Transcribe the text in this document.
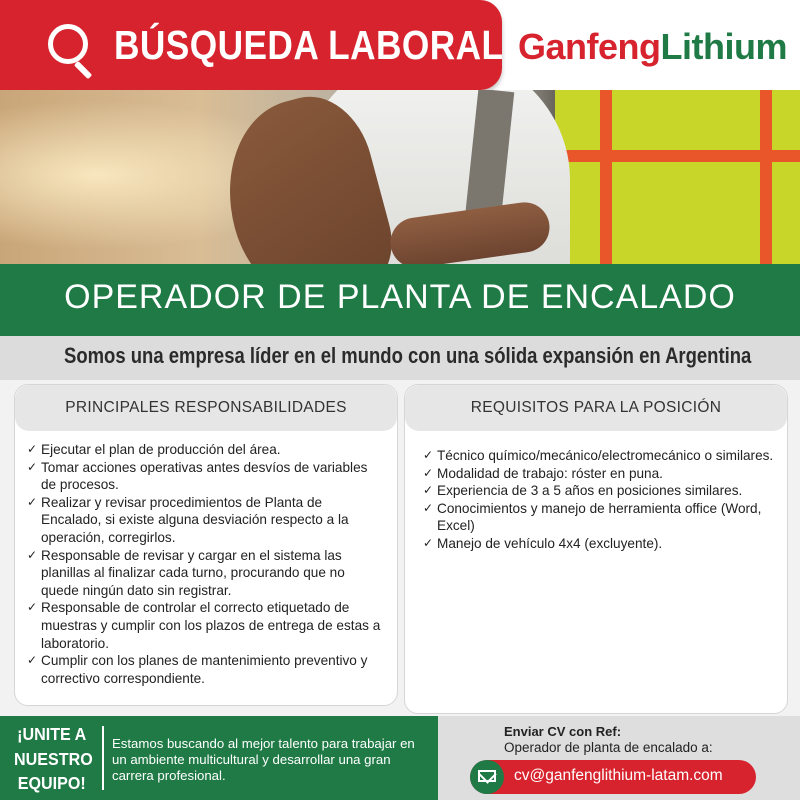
BÚSQUEDA LABORAL GanfengLithium
OPERADOR DE PLANTA DE ENCALADO
Somos una empresa líder en el mundo con una sólida expansión en Argentina
PRINCIPALES RESPONSABILIDADES
✓ Ejecutar el plan de producción del área.
✓ Tomar acciones operativas antes desvíos de variables de procesos.
✓ Realizar y revisar procedimientos de Planta de Encalado, si existe alguna desviación respecto a la operación, corregirlos.
✓ Responsable de revisar y cargar en el sistema las planillas al finalizar cada turno, procurando que no quede ningún dato sin registrar.
✓ Responsable de controlar el correcto etiquetado de muestras y cumplir con los plazos de entrega de estas a laboratorio.
✓ Cumplir con los planes de mantenimiento preventivo y correctivo correspondiente.
REQUISITOS PARA LA POSICIÓN
✓ Técnico químico/mecánico/electromecánico o similares.
✓ Modalidad de trabajo: róster en puna.
✓ Experiencia de 3 a 5 años en posiciones similares.
✓ Conocimientos y manejo de herramienta office (Word, Excel)
✓ Manejo de vehículo 4x4 (excluyente).
¡UNITE A
NUESTRO
EQUIPO!
Estamos buscando al mejor talento para trabajar en un ambiente multicultural y desarrollar una gran carrera profesional.
Enviar CV con Ref:
Operador de planta de encalado a:
cv@ganfenglithium-latam.com
